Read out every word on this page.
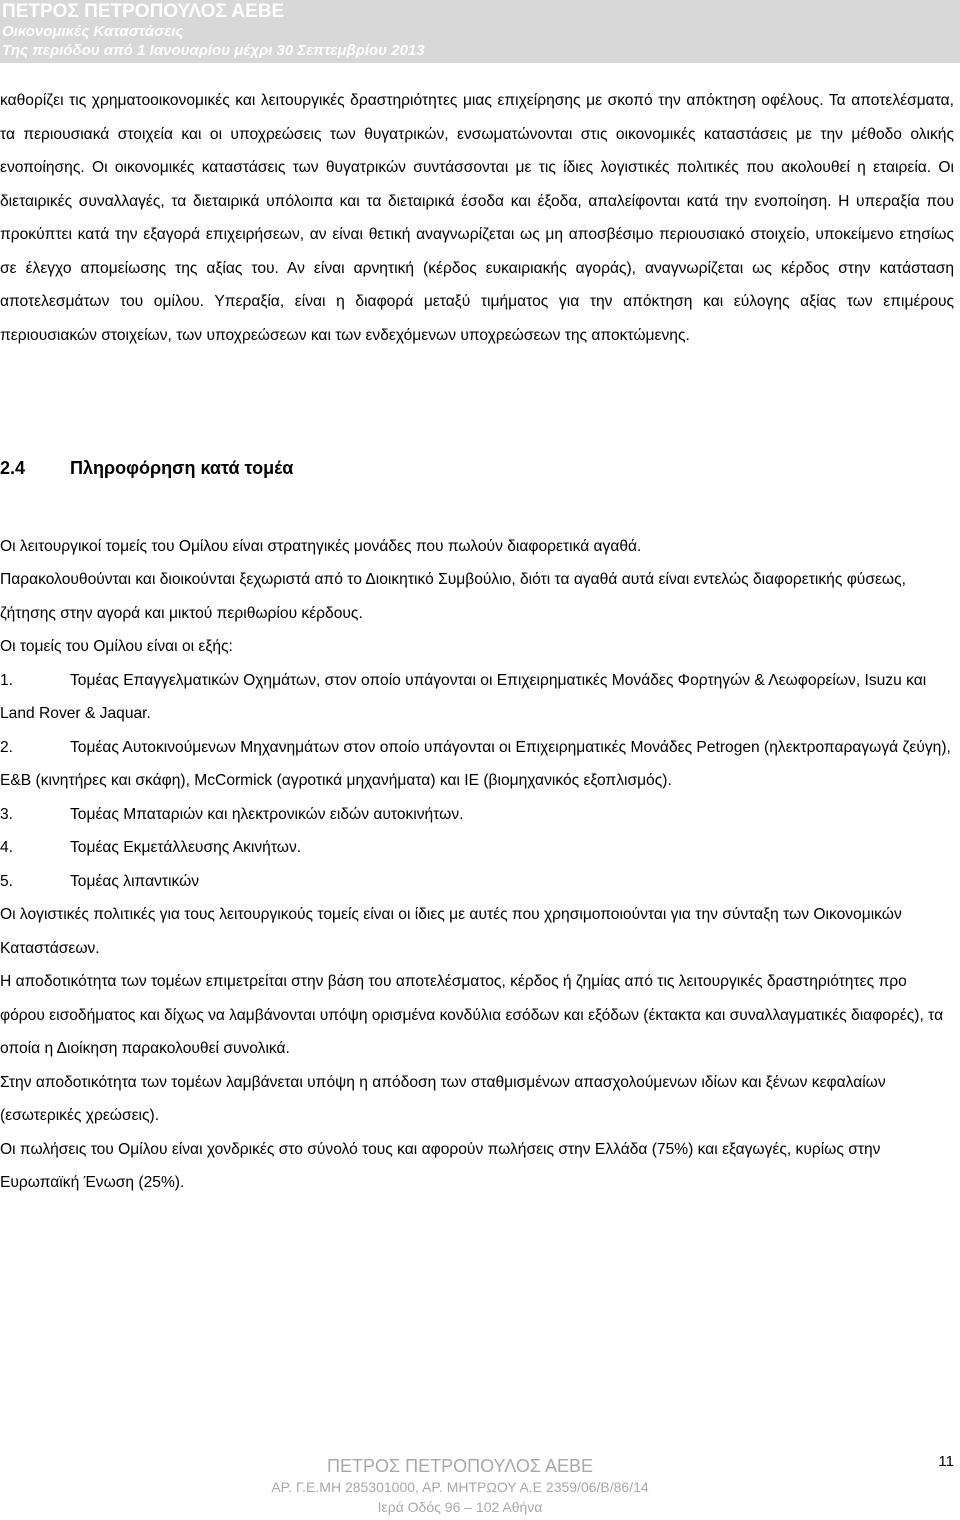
ΠΕΤΡΟΣ ΠΕΤΡΟΠΟΥΛΟΣ ΑΕΒΕ
Οικονομικές Καταστάσεις
Της περιόδου από 1 Ιανουαρίου μέχρι 30 Σεπτεμβρίου 2013

καθορίζει τις χρηματοοικονομικές και λειτουργικές δραστηριότητες μιας επιχείρησης με σκοπό την απόκτηση οφέλους. Τα αποτελέσματα, τα περιουσιακά στοιχεία και οι υποχρεώσεις των θυγατρικών, ενσωματώνονται στις οικονομικές καταστάσεις με την μέθοδο ολικής ενοποίησης. Οι οικονομικές καταστάσεις των θυγατρικών συντάσσονται με τις ίδιες λογιστικές πολιτικές που ακολουθεί η εταιρεία. Οι διεταιρικές συναλλαγές, τα διεταιρικά υπόλοιπα και τα διεταιρικά έσοδα και έξοδα, απαλείφονται κατά την ενοποίηση. Η υπεραξία που προκύπτει κατά την εξαγορά επιχειρήσεων, αν είναι θετική αναγνωρίζεται ως μη αποσβέσιμο περιουσιακό στοιχείο, υποκείμενο ετησίως σε έλεγχο απομείωσης της αξίας του. Αν είναι αρνητική (κέρδος ευκαιριακής αγοράς), αναγνωρίζεται ως κέρδος στην κατάσταση αποτελεσμάτων του ομίλου. Υπεραξία, είναι η διαφορά μεταξύ τιμήματος για την απόκτηση και εύλογης αξίας των επιμέρους περιουσιακών στοιχείων, των υποχρεώσεων και των ενδεχόμενων υποχρεώσεων της αποκτώμενης.

2.4 Πληροφόρηση κατά τομέα

Οι λειτουργικοί τομείς του Ομίλου είναι στρατηγικές μονάδες που πωλούν διαφορετικά αγαθά.

Παρακολουθούνται και διοικούνται ξεχωριστά από το Διοικητικό Συμβούλιο, διότι τα αγαθά αυτά είναι εντελώς διαφορετικής φύσεως, ζήτησης στην αγορά και μικτού περιθωρίου κέρδους.

Οι τομείς του Ομίλου είναι οι εξής:

1.	Τομέας Επαγγελματικών Οχημάτων, στον οποίο υπάγονται οι Επιχειρηματικές Μονάδες Φορτηγών & Λεωφορείων, Isuzu και Land Rover & Jaquar.

2.	Τομέας Αυτοκινούμενων Μηχανημάτων στον οποίο υπάγονται οι Επιχειρηματικές Μονάδες Petrogen (ηλεκτροπαραγωγά ζεύγη), E&B (κινητήρες και σκάφη), McCormick (αγροτικά μηχανήματα) και IE (βιομηχανικός εξοπλισμός).

3.	Τομέας Μπαταριών και ηλεκτρονικών ειδών αυτοκινήτων.

4.	Τομέας Εκμετάλλευσης Ακινήτων.

5.	Τομέας λιπαντικών

Οι λογιστικές πολιτικές για τους λειτουργικούς τομείς είναι οι ίδιες με αυτές που χρησιμοποιούνται για την σύνταξη των Οικονομικών Καταστάσεων.

Η αποδοτικότητα των τομέων επιμετρείται στην βάση του αποτελέσματος, κέρδος ή ζημίας από τις λειτουργικές δραστηριότητες προ φόρου εισοδήματος και δίχως να λαμβάνονται υπόψη ορισμένα κονδύλια εσόδων και εξόδων (έκτακτα και συναλλαγματικές διαφορές), τα οποία η Διοίκηση παρακολουθεί συνολικά.

Στην αποδοτικότητα των τομέων λαμβάνεται υπόψη η απόδοση των σταθμισμένων απασχολούμενων ιδίων και ξένων κεφαλαίων (εσωτερικές χρεώσεις).

Οι πωλήσεις του Ομίλου είναι χονδρικές στο σύνολό τους και αφορούν πωλήσεις στην Ελλάδα (75%) και εξαγωγές, κυρίως στην Ευρωπαϊκή Ένωση (25%).

ΠΕΤΡΟΣ ΠΕΤΡΟΠΟΥΛΟΣ ΑΕΒΕ
ΑΡ. Γ.Ε.ΜΗ 285301000, ΑΡ. ΜΗΤΡΩΟΥ Α.Ε 2359/06/Β/86/14
Ιερά Οδός 96 – 102 Αθήνα
11
